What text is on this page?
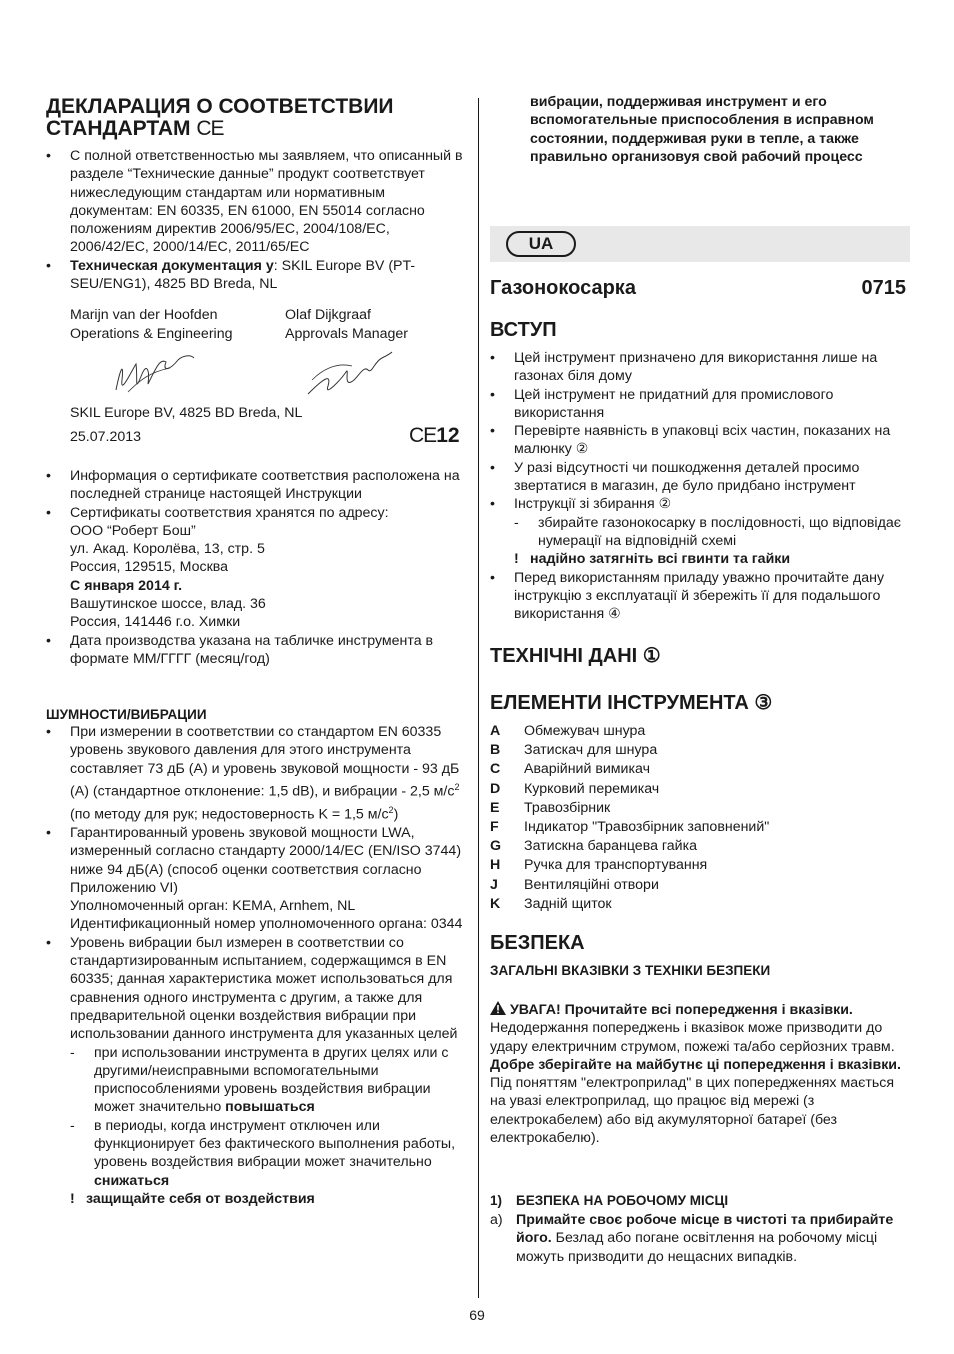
ДЕКЛАРАЦИЯ О СООТВЕТСТВИИ
СТАНДАРТАМ CE

• С полной ответственностью мы заявляем, что описанный в разделе “Технические данные” продукт соответствует нижеследующим стандартам или нормативным документам: EN 60335, EN 61000, EN 55014 согласно положениям директив 2006/95/EC, 2004/108/EC, 2006/42/EC, 2000/14/EC, 2011/65/EC
• Техническая документация у: SKIL Europe BV (PT-SEU/ENG1), 4825 BD Breda, NL
Marijn van der Hoofden
Operations & Engineering
Olaf Dijkgraaf
Approvals Manager
SKIL Europe BV, 4825 BD Breda, NL
25.07.2013	CE12
• Информация о сертификате соответствия расположена на последней странице настоящей Инструкции
• Сертификаты соответствия хранятся по адресу:
ООО “Роберт Бош”
ул. Акад. Королёва, 13, стр. 5
Россия, 129515, Москва
С января 2014 г.
Вашутинское шоссе, влад. 36
Россия, 141446 г.о. Химки
• Дата производства указана на табличке инструмента в формате ММ/ГГГГ (месяц/год)

ШУМНОСТИ/ВИБРАЦИИ

• При измерении в соответствии со стандартом EN 60335 уровень звукового давления для этого инструмента составляет 73 дБ (A) и уровень звуковой мощности - 93 дБ (A) (стандартное отклонение: 1,5 dB), и вибрации - 2,5 $м/с^2$ (по методу для рук; недостоверность K = 1,5 $м/с^2$)
• Гарантированный уровень звуковой мощности LWA, измеренный согласно стандарту 2000/14/EC (EN/ISO 3744) ниже 94 дБ(A) (способ оценки соответствия согласно Приложению VI)
Уполномоченный орган: KEMA, Arnhem, NL
Идентификационный номер уполномоченного органа: 0344
• Уровень вибрации был измерен в соответствии со стандартизированным испытанием, содержащимся в EN 60335; данная характеристика может использоваться для сравнения одного инструмента с другим, а также для предварительной оценки воздействия вибрации при использовании данного инструмента для указанных целей
- при использовании инструмента в других целях или с другими/неисправными вспомогательными приспособлениями уровень воздействия вибрации может значительно повышаться
- в периоды, когда инструмент отключен или функционирует без фактического выполнения работы, уровень воздействия вибрации может значительно снижаться
! защищайте себя от воздействия

вибрации, поддерживая инструмент и его вспомогательные приспособления в исправном состоянии, поддерживая руки в тепле, а также правильно организовуя свой рабочий процесс

UA
Газонокосарка	0715

ВСТУП

• Цей інструмент призначено для використання лише на газонах біля дому
• Цей інструмент не придатний для промислового використання
• Перевірте наявність в упаковці всіх частин, показаних на малюнку ②
• У разі відсутності чи пошкодження деталей просимо звертатися в магазин, де було придбано інструмент
• Інструкції зі збирання ②
- збирайте газонокосарку в послідовності, що відповідає нумерації на відповідній схемі
! надійно затягніть всі гвинти та гайки
• Перед використанням приладу уважно прочитайте дану інструкцію з експлуатації й збережіть її для подальшого використання ④

ТЕХНІЧНІ ДАНІ ①

ЕЛЕМЕНТИ ІНСТРУМЕНТА ③

A Обмежувач шнура
B Затискач для шнура
C Аварійний вимикач
D Курковий перемикач
E Травозбірник
F Індикатор "Травозбірник заповнений"
G Затискна баранцева гайка
H Ручка для транспортування
J Вентиляційні отвори
K Задній щиток

БЕЗПЕКА

ЗАГАЛЬНІ ВКАЗІВКИ З ТЕХНІКИ БЕЗПЕКИ

УВАГА! Прочитайте всі попередження і вказівки. Недодержання попереджень і вказівок може призводити до удару електричним струмом, пожежі та/або серйозних травм. Добре зберігайте на майбутнє ці попередження і вказівки. Під поняттям "електроприлад" в цих попередженнях мається на увазі електроприлад, що працює від мережі (з електрокабелем) або від акумуляторної батареї (без електрокабелю).

1) БЕЗПЕКА НА РОБОЧОМУ МІСЦІ
a) Примайте своє робоче місце в чистоті та прибирайте його. Безлад або погане освітлення на робочому місці можуть призводити до нещасних випадків.
69
